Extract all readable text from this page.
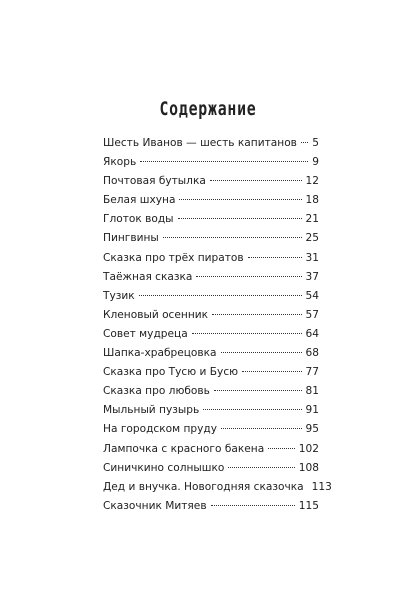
Содержание
Шесть Иванов — шесть капитанов 5
Якорь	9
Почтовая бутылка	12
Белая шхуна	18
Глоток воды	21
Пингвины	25
Сказка про трёх пиратов	31
Таёжная сказка	37
Тузик	54
Кленовый осенник	57
Совет мудреца	64
Шапка-храбрецовка	68
Сказка про Тусю и Бусю	77
Сказка про любовь	81
Мыльный пузырь	91
На городском пруду	95
Лампочка с красного бакена	102
Синичкино солнышко	108
Дед и внучка. Новогодняя сказочка 113
Сказочник Митяев	115
